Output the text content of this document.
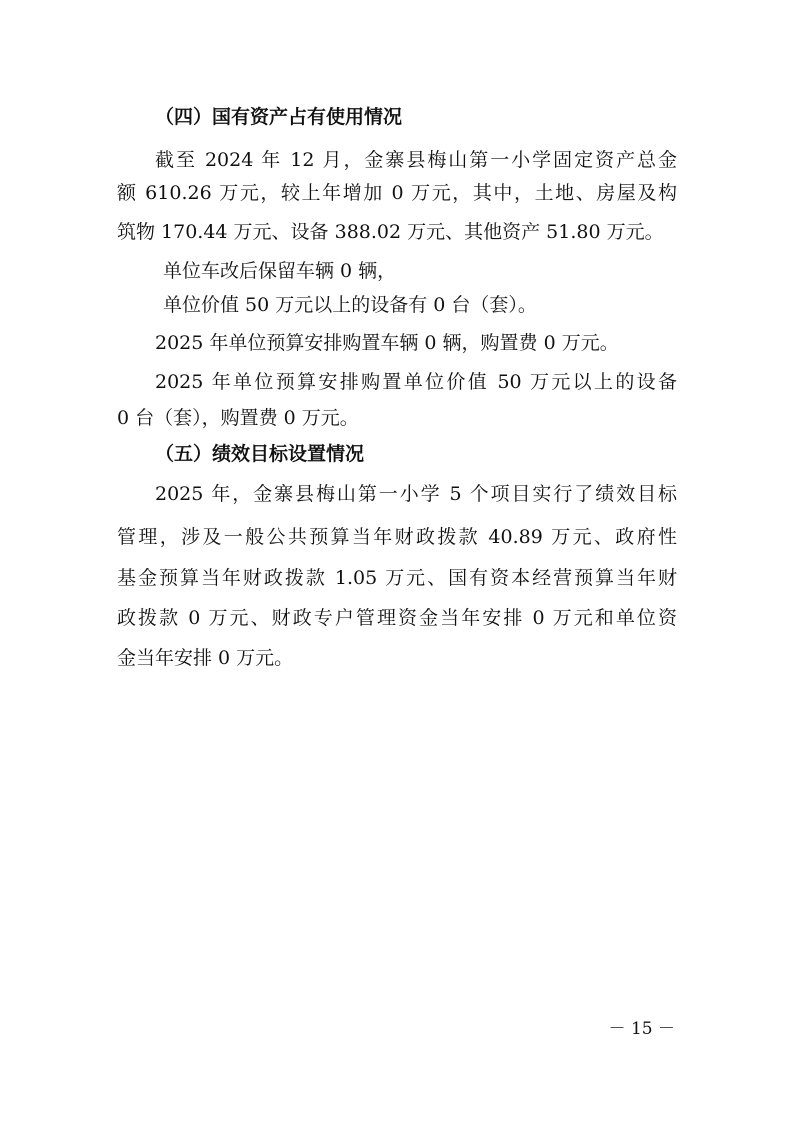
（四）国有资产占有使用情况
截至 2024 年 12 月，金寨县梅山第一小学固定资产总金
额 610.26 万元，较上年增加 0 万元，其中，土地、房屋及构
筑物 170.44 万元、设备 388.02 万元、其他资产 51.80 万元。
单位车改后保留车辆 0 辆，
单位价值 50 万元以上的设备有 0 台（套）。
2025 年单位预算安排购置车辆 0 辆，购置费 0 万元。
2025 年单位预算安排购置单位价值 50 万元以上的设备
0 台（套），购置费 0 万元。
（五）绩效目标设置情况
2025 年，金寨县梅山第一小学 5 个项目实行了绩效目标
管理，涉及一般公共预算当年财政拨款 40.89 万元、政府性
基金预算当年财政拨款 1.05 万元、国有资本经营预算当年财
政拨款 0 万元、财政专户管理资金当年安排 0 万元和单位资
金当年安排 0 万元。
－ 15 －
